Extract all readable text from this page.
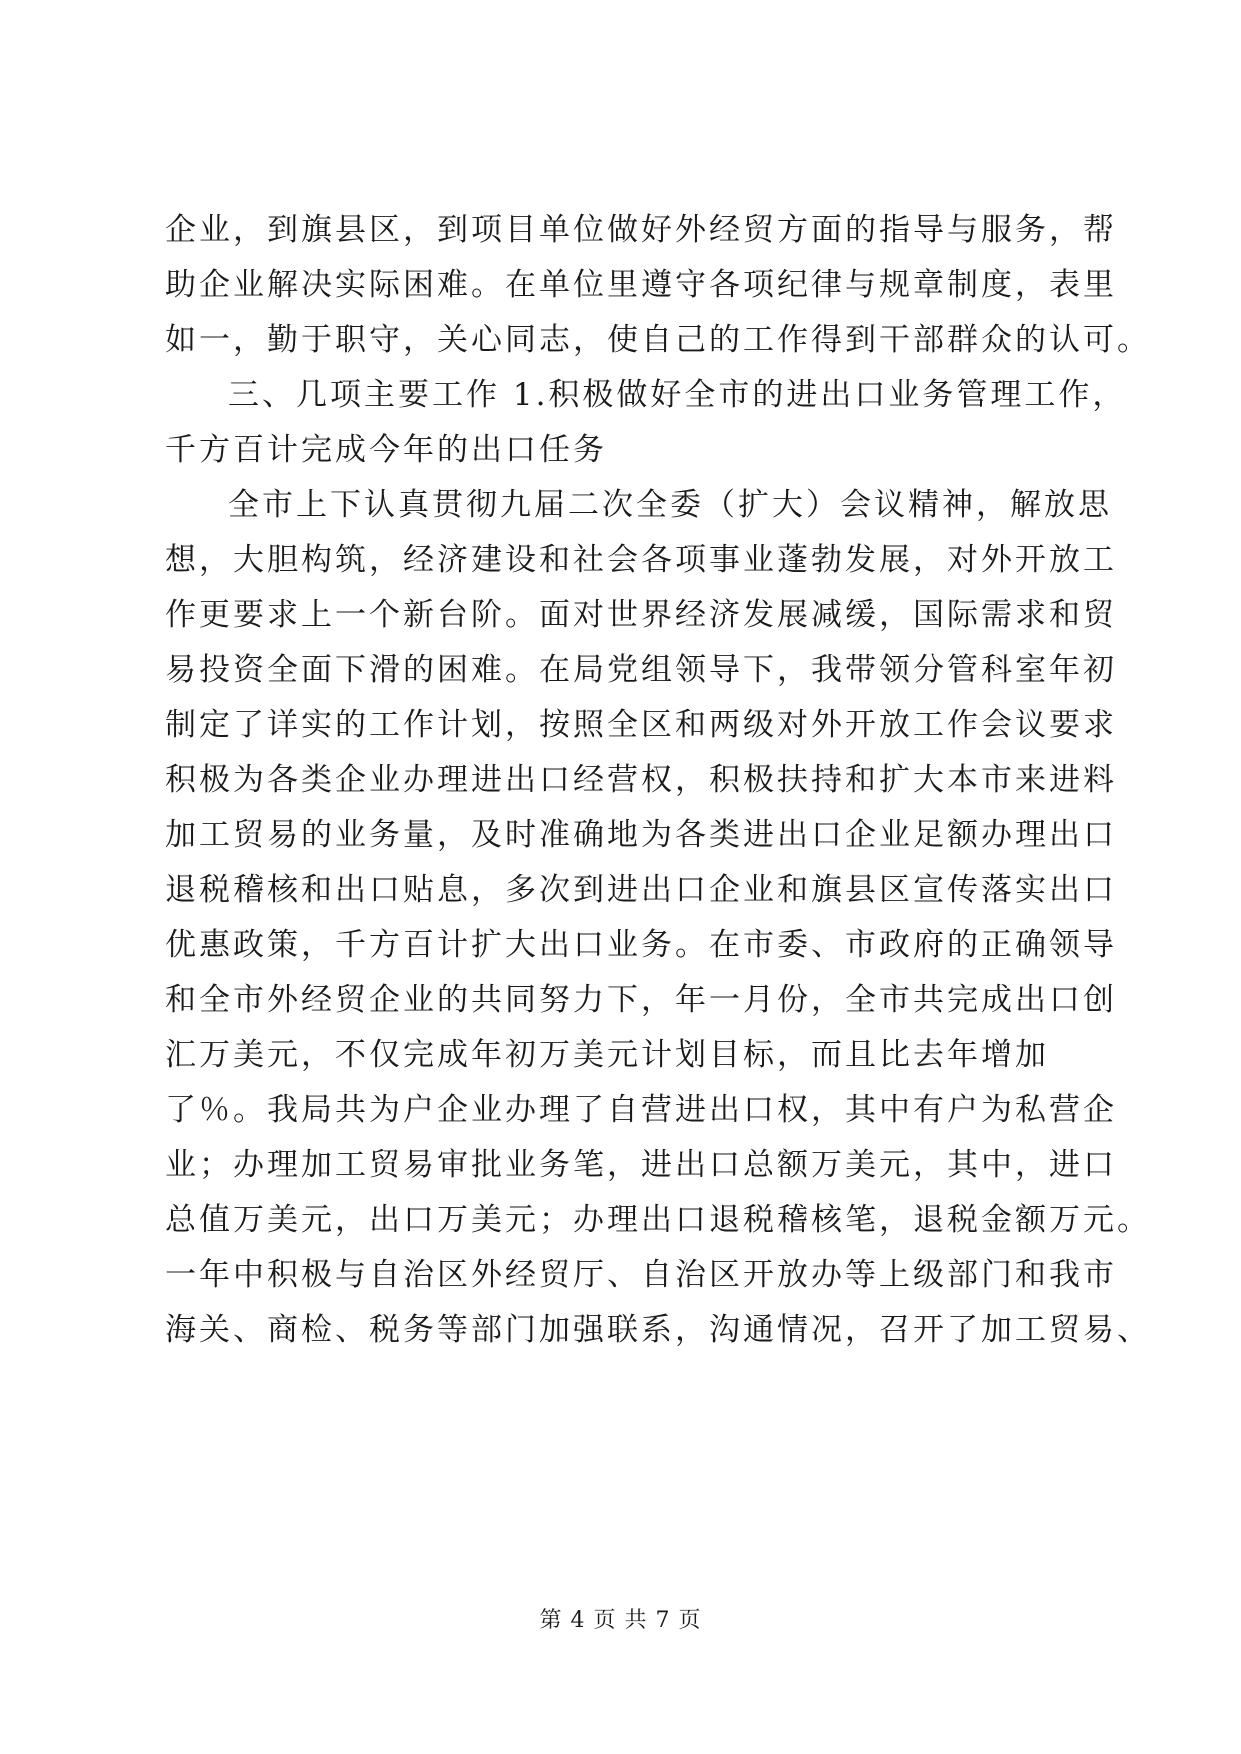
企业，到旗县区，到项目单位做好外经贸方面的指导与服务，帮
助企业解决实际困难。在单位里遵守各项纪律与规章制度，表里
如一，勤于职守，关心同志，使自己的工作得到干部群众的认可。
三、几项主要工作 1.积极做好全市的进出口业务管理工作，
千方百计完成今年的出口任务
全市上下认真贯彻九届二次全委（扩大）会议精神，解放思
想，大胆构筑，经济建设和社会各项事业蓬勃发展，对外开放工
作更要求上一个新台阶。面对世界经济发展减缓，国际需求和贸
易投资全面下滑的困难。在局党组领导下，我带领分管科室年初
制定了详实的工作计划，按照全区和两级对外开放工作会议要求
积极为各类企业办理进出口经营权，积极扶持和扩大本市来进料
加工贸易的业务量，及时准确地为各类进出口企业足额办理出口
退税稽核和出口贴息，多次到进出口企业和旗县区宣传落实出口
优惠政策，千方百计扩大出口业务。在市委、市政府的正确领导
和全市外经贸企业的共同努力下，年一月份，全市共完成出口创
汇万美元，不仅完成年初万美元计划目标，而且比去年增加
了％。我局共为户企业办理了自营进出口权，其中有户为私营企
业；办理加工贸易审批业务笔，进出口总额万美元，其中，进口
总值万美元，出口万美元；办理出口退税稽核笔，退税金额万元。
一年中积极与自治区外经贸厅、自治区开放办等上级部门和我市
海关、商检、税务等部门加强联系，沟通情况，召开了加工贸易、
第 4 页 共 7 页
